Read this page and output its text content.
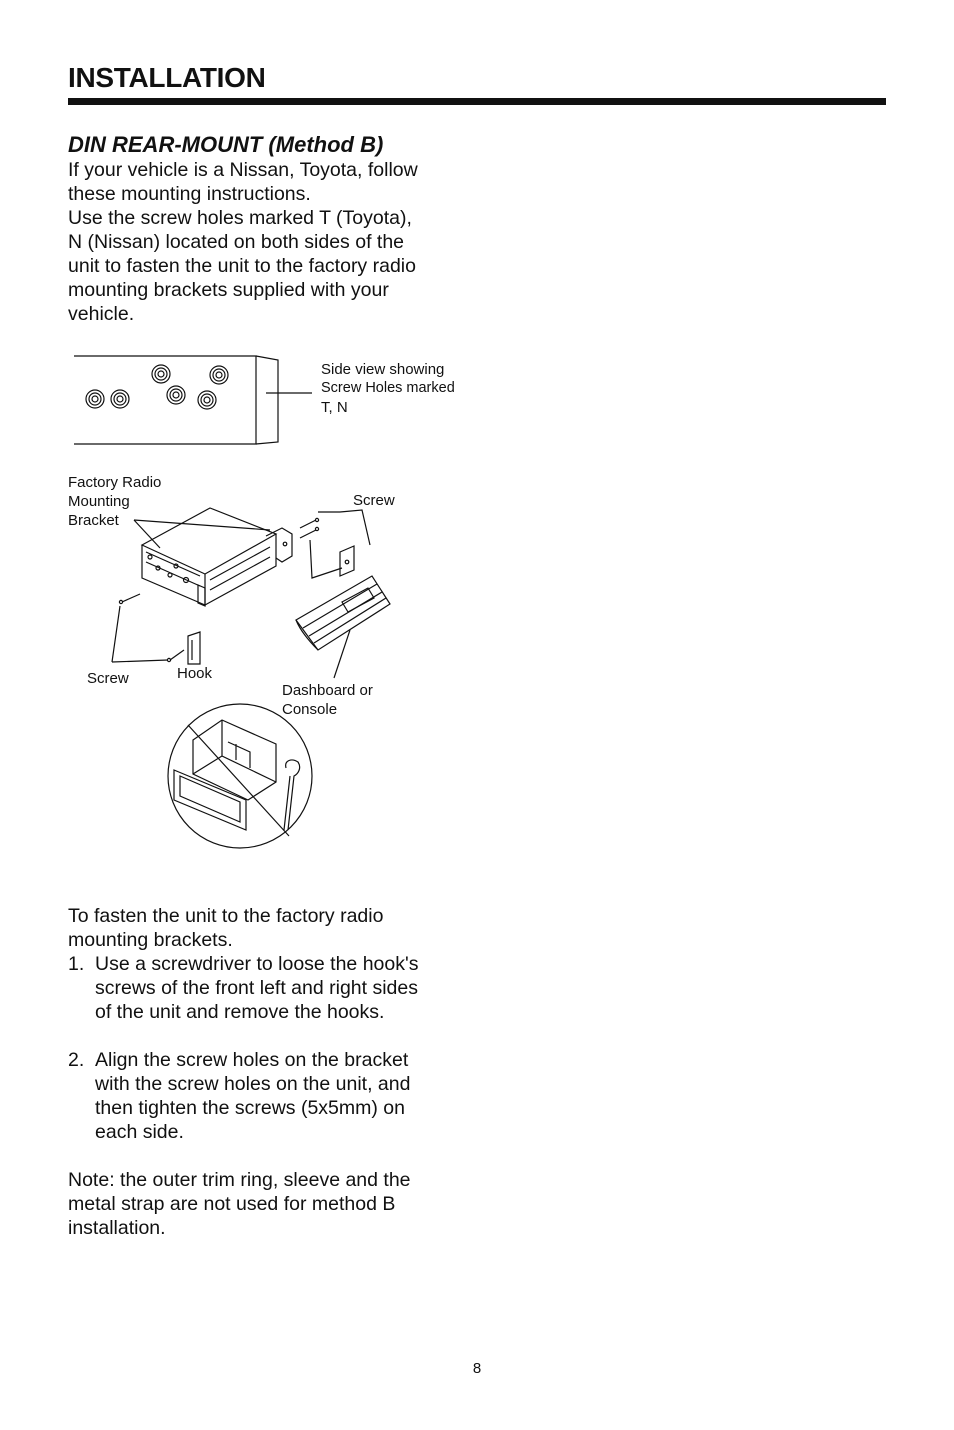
INSTALLATION
DIN REAR-MOUNT (Method B)
If your vehicle is a Nissan, Toyota, follow
these mounting instructions.
Use the screw holes marked T (Toyota),
N (Nissan) located on both sides of the
unit to fasten the unit to the factory radio
mounting brackets supplied with your
vehicle.
Side view showing
Screw Holes marked
T, N
Factory Radio
Mounting
Bracket
Screw
Screw	Hook
Dashboard or
Console
To fasten the unit to the factory radio
mounting brackets.
1. Use a screwdriver to loose the hook's
screws of the front left and right sides
of the unit and remove the hooks.
2. Align the screw holes on the bracket
with the screw holes on the unit, and
then tighten the screws (5x5mm) on
each side.
Note: the outer trim ring, sleeve and the
metal strap are not used for method B
installation.
8
